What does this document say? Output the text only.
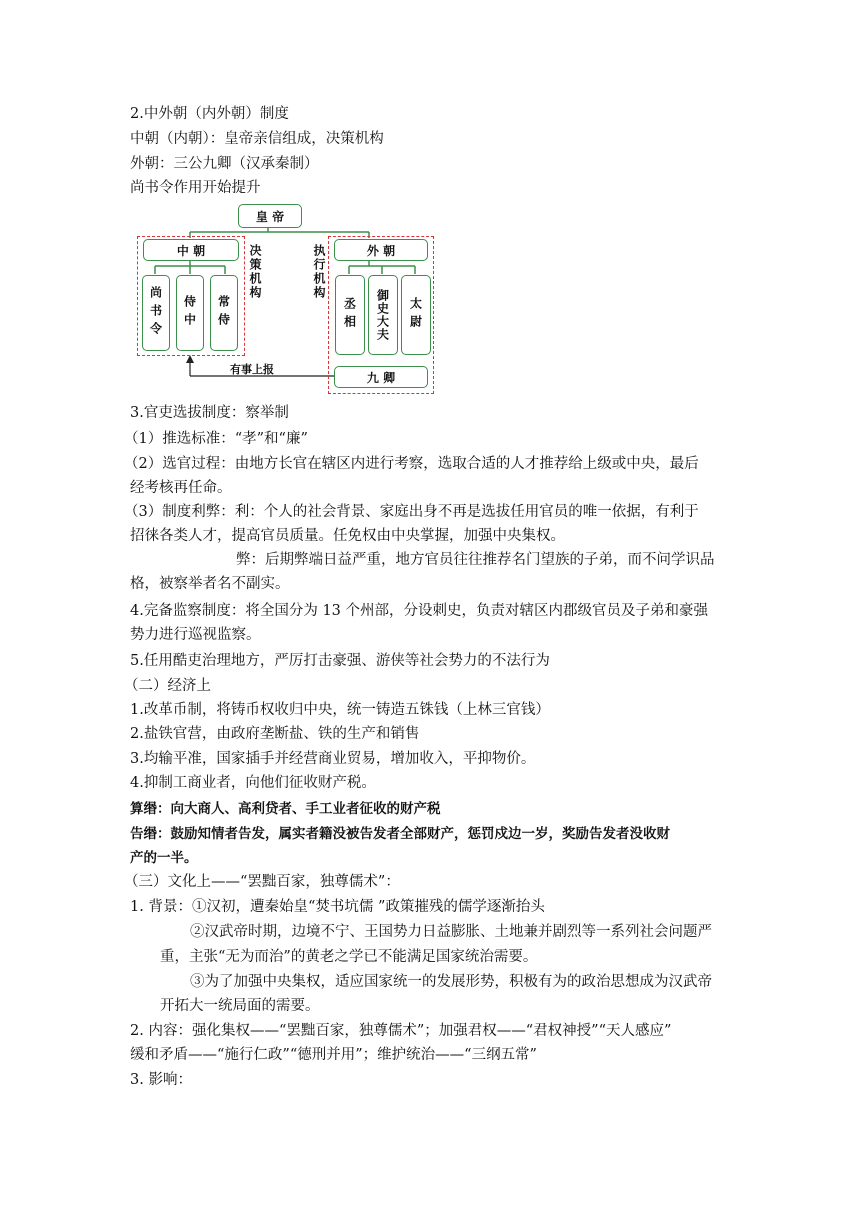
2.中外朝（内外朝）制度
中朝（内朝）：皇帝亲信组成，决策机构
外朝：三公九卿（汉承秦制）
尚书令作用开始提升
皇 帝
中 朝	外 朝
尚书令	侍中	常侍	丞相	御史大夫	太尉
决策机构	执行机构
九 卿
有事上报
3.官吏选拔制度：察举制
（1）推选标准：“孝”和“廉”
（2）选官过程：由地方长官在辖区内进行考察，选取合适的人才推荐给上级或中央，最后
经考核再任命。
（3）制度利弊：利：个人的社会背景、家庭出身不再是选拔任用官员的唯一依据，有利于
招徕各类人才，提高官员质量。任免权由中央掌握，加强中央集权。
弊：后期弊端日益严重，地方官员往往推荐名门望族的子弟，而不问学识品
格，被察举者名不副实。
4.完备监察制度：将全国分为 13 个州部，分设刺史，负责对辖区内郡级官员及子弟和豪强
势力进行巡视监察。
5.任用酷吏治理地方，严厉打击豪强、游侠等社会势力的不法行为
（二）经济上
1.改革币制，将铸币权收归中央，统一铸造五铢钱（上林三官钱）
2.盐铁官营，由政府垄断盐、铁的生产和销售
3.均输平准，国家插手并经营商业贸易，增加收入，平抑物价。
4.抑制工商业者，向他们征收财产税。
算缗：向大商人、高利贷者、手工业者征收的财产税
告缗：鼓励知情者告发，属实者籍没被告发者全部财产，惩罚戍边一岁，奖励告发者没收财
产的一半。
（三）文化上——“罢黜百家，独尊儒术”：
1. 背景：①汉初，遭秦始皇“焚书坑儒 ”政策摧残的儒学逐渐抬头
②汉武帝时期，边境不宁、王国势力日益膨胀、土地兼并剧烈等一系列社会问题严
重，主张“无为而治”的黄老之学已不能满足国家统治需要。
③为了加强中央集权，适应国家统一的发展形势，积极有为的政治思想成为汉武帝
开拓大一统局面的需要。
2. 内容：强化集权——“罢黜百家，独尊儒术”；加强君权——“君权神授”“天人感应”
缓和矛盾——“施行仁政”“德刑并用”；维护统治——“三纲五常”
3. 影响：
